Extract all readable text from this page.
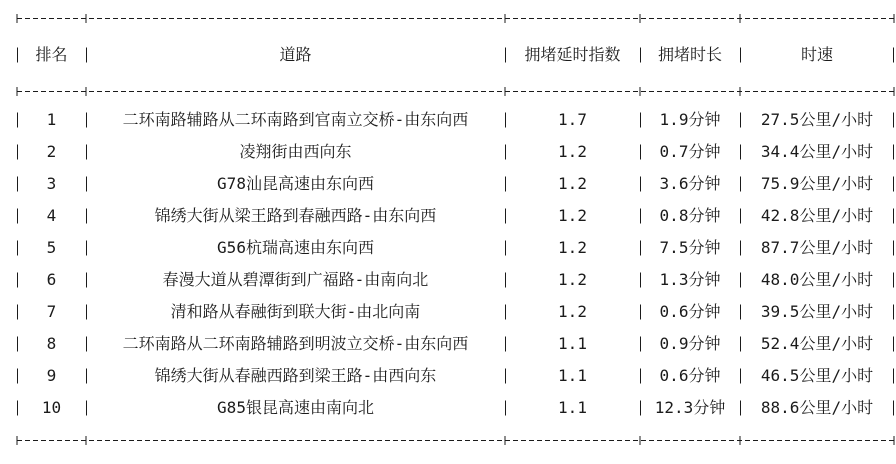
排名	道路	拥堵延时指数	拥堵时长	时速
1	二环南路辅路从二环南路到官南立交桥-由东向西	1.7	1.9分钟	27.5公里/小时
2	凌翔街由西向东	1.2	0.7分钟	34.4公里/小时
3	G78汕昆高速由东向西	1.2	3.6分钟	75.9公里/小时
4	锦绣大街从梁王路到春融西路-由东向西	1.2	0.8分钟	42.8公里/小时
5	G56杭瑞高速由东向西	1.2	7.5分钟	87.7公里/小时
6	春漫大道从碧潭街到广福路-由南向北	1.2	1.3分钟	48.0公里/小时
7	清和路从春融街到联大街-由北向南	1.2	0.6分钟	39.5公里/小时
8	二环南路从二环南路辅路到明波立交桥-由东向西	1.1	0.9分钟	52.4公里/小时
9	锦绣大街从春融西路到梁王路-由西向东	1.1	0.6分钟	46.5公里/小时
10	G85银昆高速由南向北	1.1	12.3分钟	88.6公里/小时
